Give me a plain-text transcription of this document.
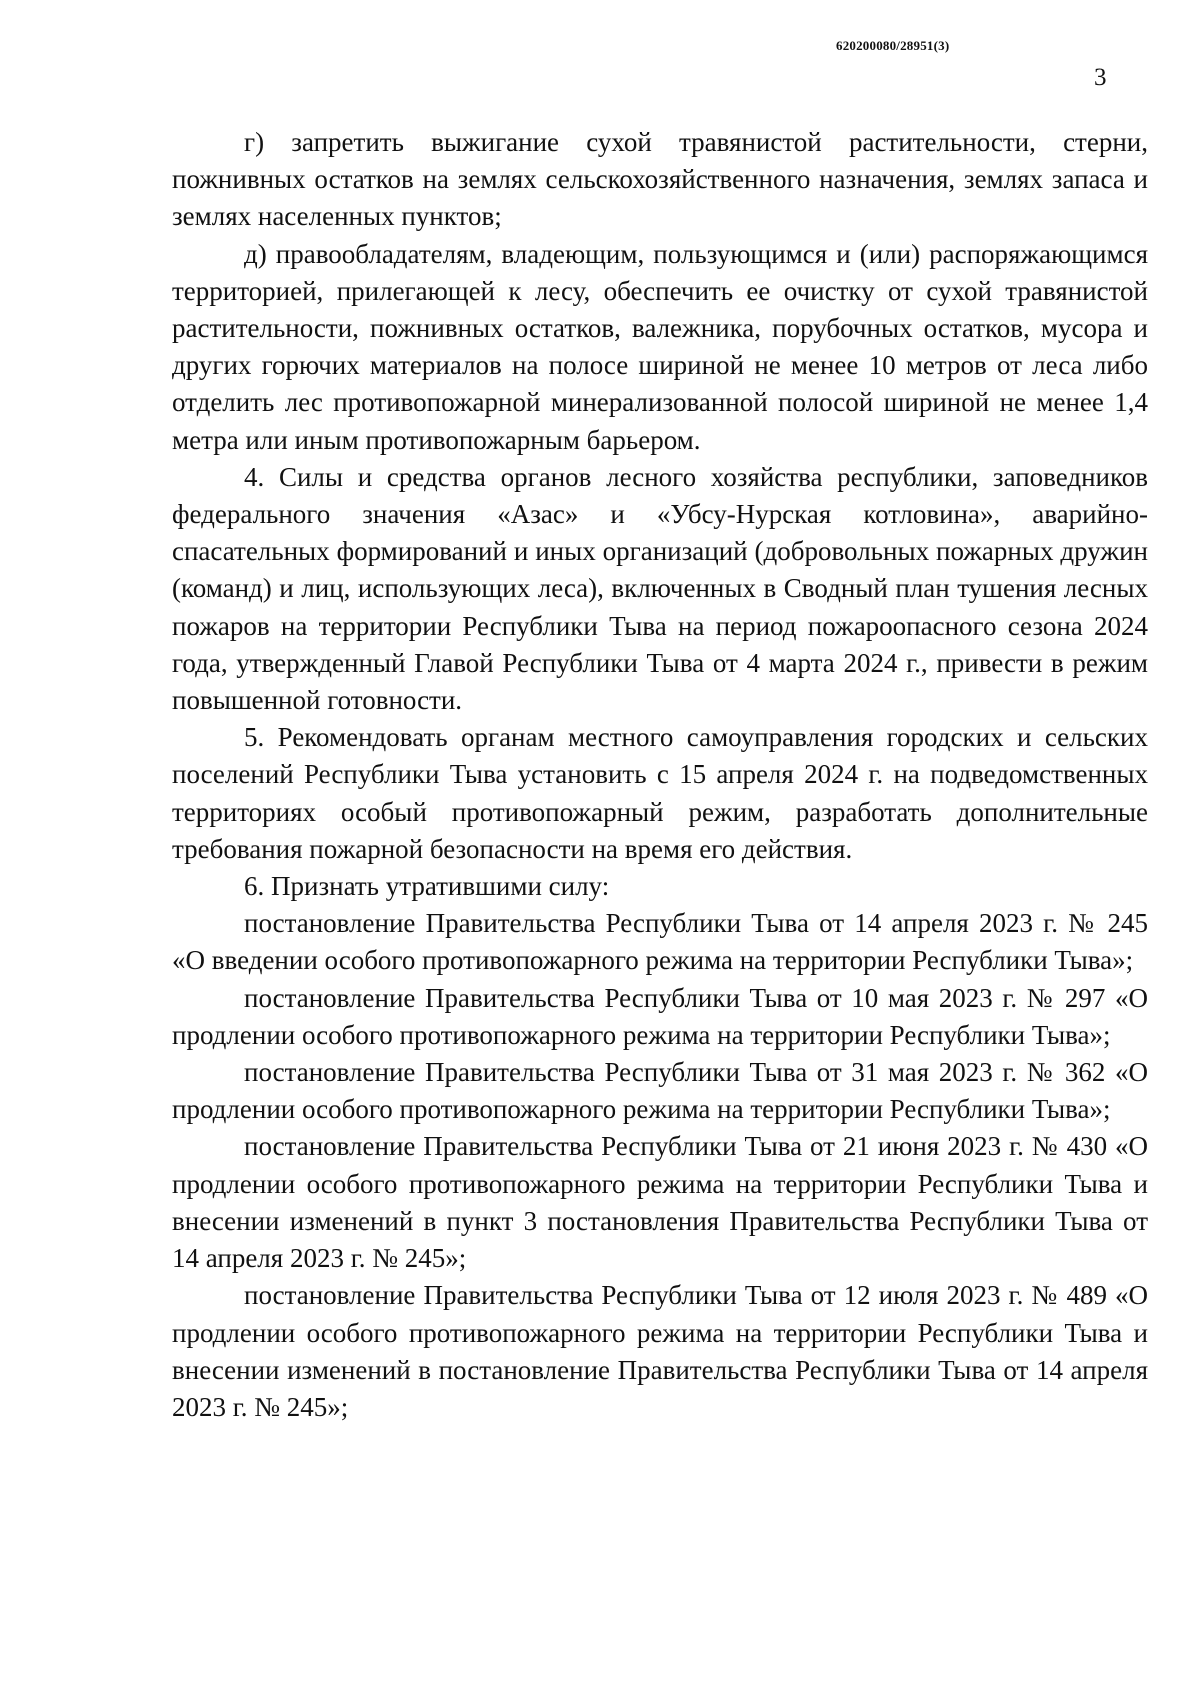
620200080/28951(3)
3

г) запретить выжигание сухой травянистой растительности, стерни, пожнивных остатков на землях сельскохозяйственного назначения, землях запаса и землях населенных пунктов;

д) правообладателям, владеющим, пользующимся и (или) распоряжающимся территорией, прилегающей к лесу, обеспечить ее очистку от сухой травянистой растительности, пожнивных остатков, валежника, порубочных остатков, мусора и других горючих материалов на полосе шириной не менее 10 метров от леса либо отделить лес противопожарной минерализованной полосой шириной не менее 1,4 метра или иным противопожарным барьером.

4. Силы и средства органов лесного хозяйства республики, заповедников федерального значения «Азас» и «Убсу-Нурская котловина», аварийно-спасательных формирований и иных организаций (добровольных пожарных дружин (команд) и лиц, использующих леса), включенных в Сводный план тушения лесных пожаров на территории Республики Тыва на период пожароопасного сезона 2024 года, утвержденный Главой Республики Тыва от 4 марта 2024 г., привести в режим повышенной готовности.

5. Рекомендовать органам местного самоуправления городских и сельских поселений Республики Тыва установить с 15 апреля 2024 г. на подведомственных территориях особый противопожарный режим, разработать дополнительные требования пожарной безопасности на время его действия.

6. Признать утратившими силу:

постановление Правительства Республики Тыва от 14 апреля 2023 г. № 245 «О введении особого противопожарного режима на территории Республики Тыва»;

постановление Правительства Республики Тыва от 10 мая 2023 г. № 297 «О продлении особого противопожарного режима на территории Республики Тыва»;

постановление Правительства Республики Тыва от 31 мая 2023 г. № 362 «О продлении особого противопожарного режима на территории Республики Тыва»;

постановление Правительства Республики Тыва от 21 июня 2023 г. № 430 «О продлении особого противопожарного режима на территории Республики Тыва и внесении изменений в пункт 3 постановления Правительства Республики Тыва от 14 апреля 2023 г. № 245»;

постановление Правительства Республики Тыва от 12 июля 2023 г. № 489 «О продлении особого противопожарного режима на территории Республики Тыва и внесении изменений в постановление Правительства Республики Тыва от 14 апреля 2023 г. № 245»;
